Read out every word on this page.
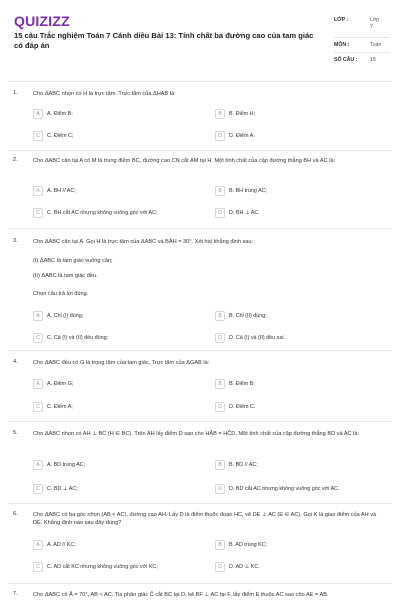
QUIZIZZ
15 câu Trắc nghiệm Toán 7 Cánh diều Bài 13: Tính chất ba đường cao của tam giác có đáp án
LỚP :	Lớp 7
MÔN :	Toán
SỐ CÂU : 15
1.	Cho ΔABC nhọn có H là trực tâm. Trực tâm của ΔHAB là:
A	A. Điểm B;	B	B. Điểm H;
C	C. Điểm C;	D	D. Điểm A.
2.	Cho ΔABC cân tại A có M là trung điểm BC, đường cao CN cắt AM tại H. Một tính chất của cặp đường thẳng BH và AC là:
A	A. BH // AC;	B	B. BH trùng AC;
C	C. BH cắt AC nhưng không vuông góc với AC;	D	D. BH ⊥ AC.
3.	Cho ΔABC cân tại A. Gọi H là trực tâm của ΔABC và BÂH = 30°. Xét hai khẳng định sau:
(I) ΔABC là tam giác vuông cân;
(II) ΔABC là tam giác đều.
Chọn câu trả lời đúng.
A	A. Chỉ (I) đúng;	B	B. Chỉ (II) đúng;
C	C. Cả (I) và (II) đều đúng;	D	D. Cả (I) và (II) đều sai.
4.	Cho ΔABC đều có G là trọng tâm của tam giác. Trực tâm của ΔGAB là:
A	A. Điểm G;	B	B. Điểm B;
C	C. Điểm A;	D	D. Điểm C.
5.	Cho ΔABC nhọn có AH ⊥ BC (H ∈ BC). Trên AH lấy điểm D sao cho HÂB = HĈD. Một tính chất của cặp đường thẳng BD và AC là:
A	A. BD trùng AC;	B	B. BD // AC;
C	C. BD ⊥ AC;	D	D. BD cắt AC nhưng không vuông góc với AC.
6.	Cho ΔABC có ba góc nhọn (AB < AC), đường cao AH. Lấy D là điểm thuộc đoạn HC, vẽ DE ⊥ AC (E ∈ AC). Gọi K là giao điểm của AH và DE. Khẳng định nào sau đây đúng?
A	A. AD // KC;	B	B. AD trùng KC;
C	C. AD cắt KC nhưng không vuông góc với KC;	D	D. AD ⊥ KC.
7.	Cho ΔABC có Â = 70°, AB < AC. Tia phân giác Ĉ cắt BC tại D, kẻ BF ⊥ AC tại F, lấy điểm E thuộc AC sao cho AE = AB.
